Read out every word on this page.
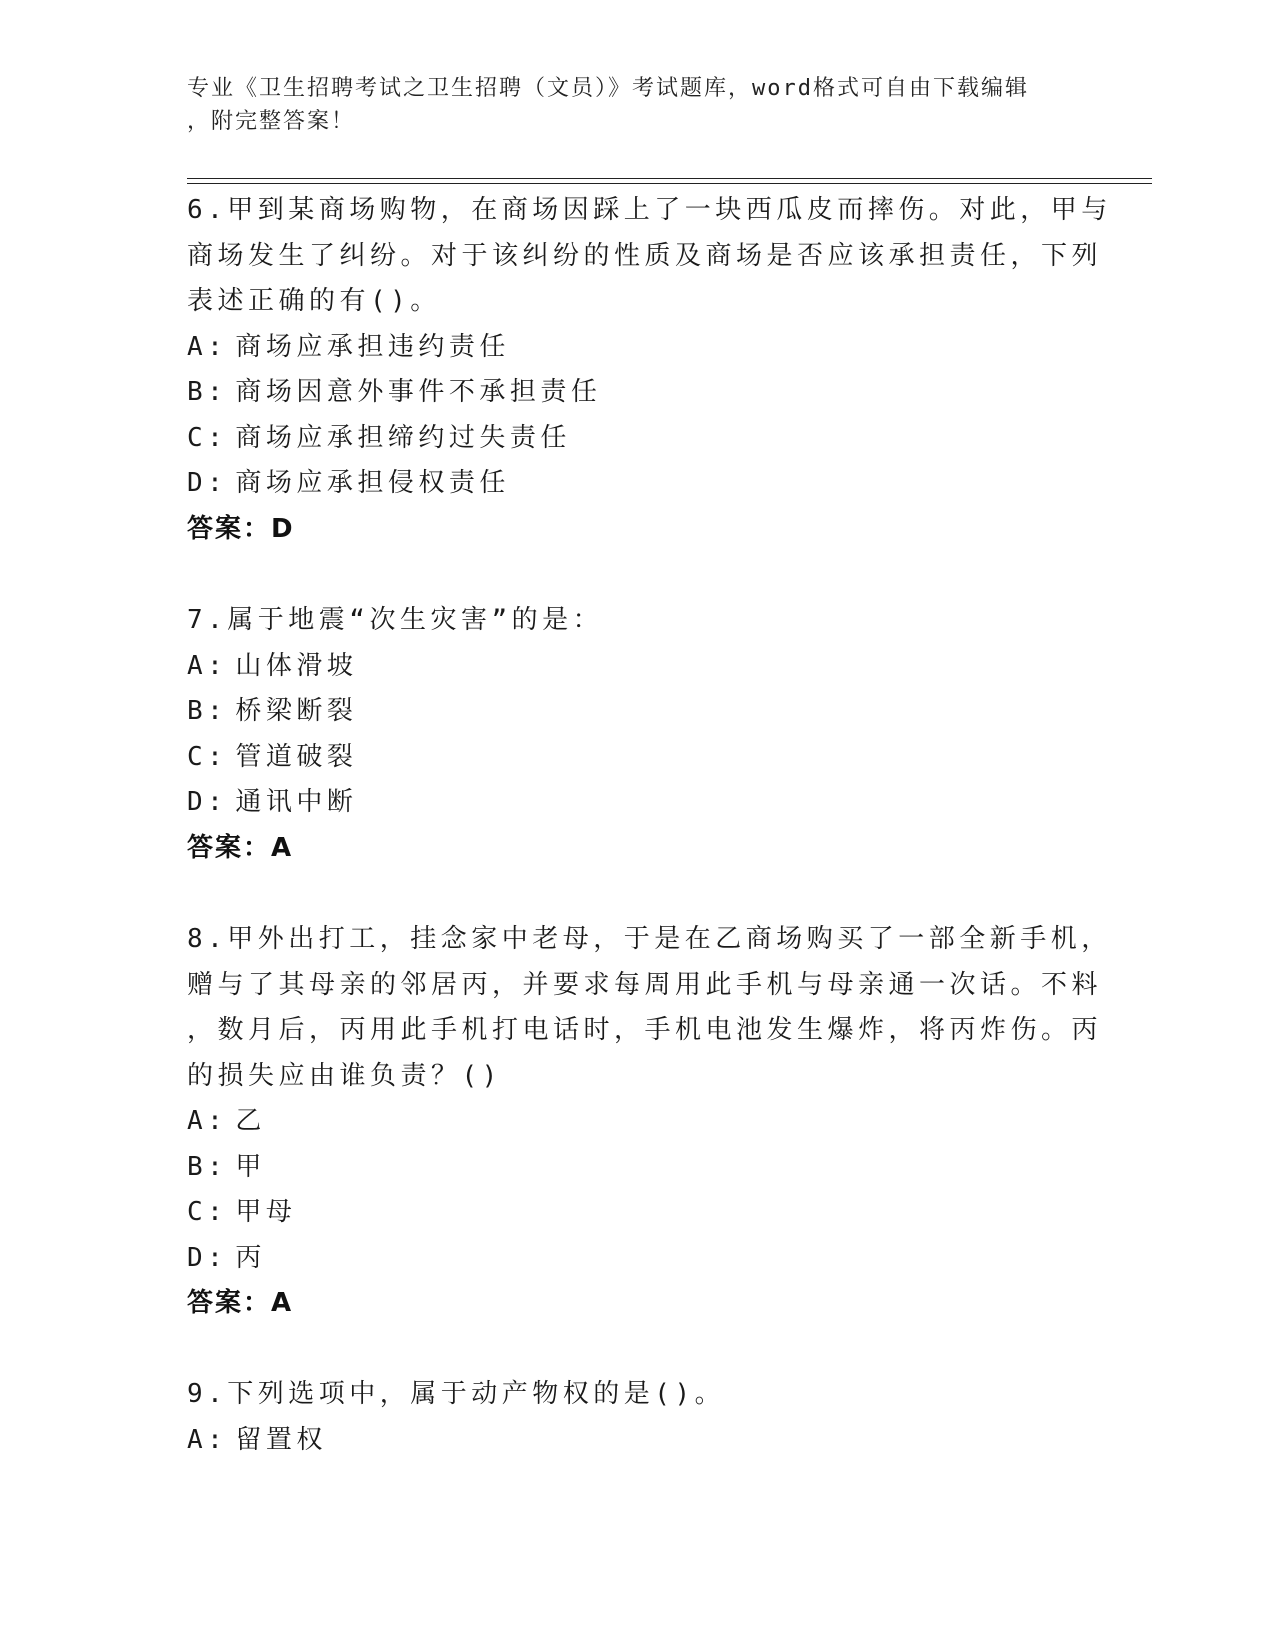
专业《卫生招聘考试之卫生招聘（文员）》考试题库，word格式可自由下载编辑
，附完整答案！
6.甲到某商场购物，在商场因踩上了一块西瓜皮而摔伤。对此，甲与
商场发生了纠纷。对于该纠纷的性质及商场是否应该承担责任，下列
表述正确的有()。
A: 商场应承担违约责任
B: 商场因意外事件不承担责任
C: 商场应承担缔约过失责任
D: 商场应承担侵权责任
答案：D
7.属于地震“次生灾害”的是：
A: 山体滑坡
B: 桥梁断裂
C: 管道破裂
D: 通讯中断
答案：A
8.甲外出打工，挂念家中老母，于是在乙商场购买了一部全新手机，
赠与了其母亲的邻居丙，并要求每周用此手机与母亲通一次话。不料
，数月后，丙用此手机打电话时，手机电池发生爆炸，将丙炸伤。丙
的损失应由谁负责？()
A: 乙
B: 甲
C: 甲母
D: 丙
答案：A
9.下列选项中，属于动产物权的是()。
A: 留置权
